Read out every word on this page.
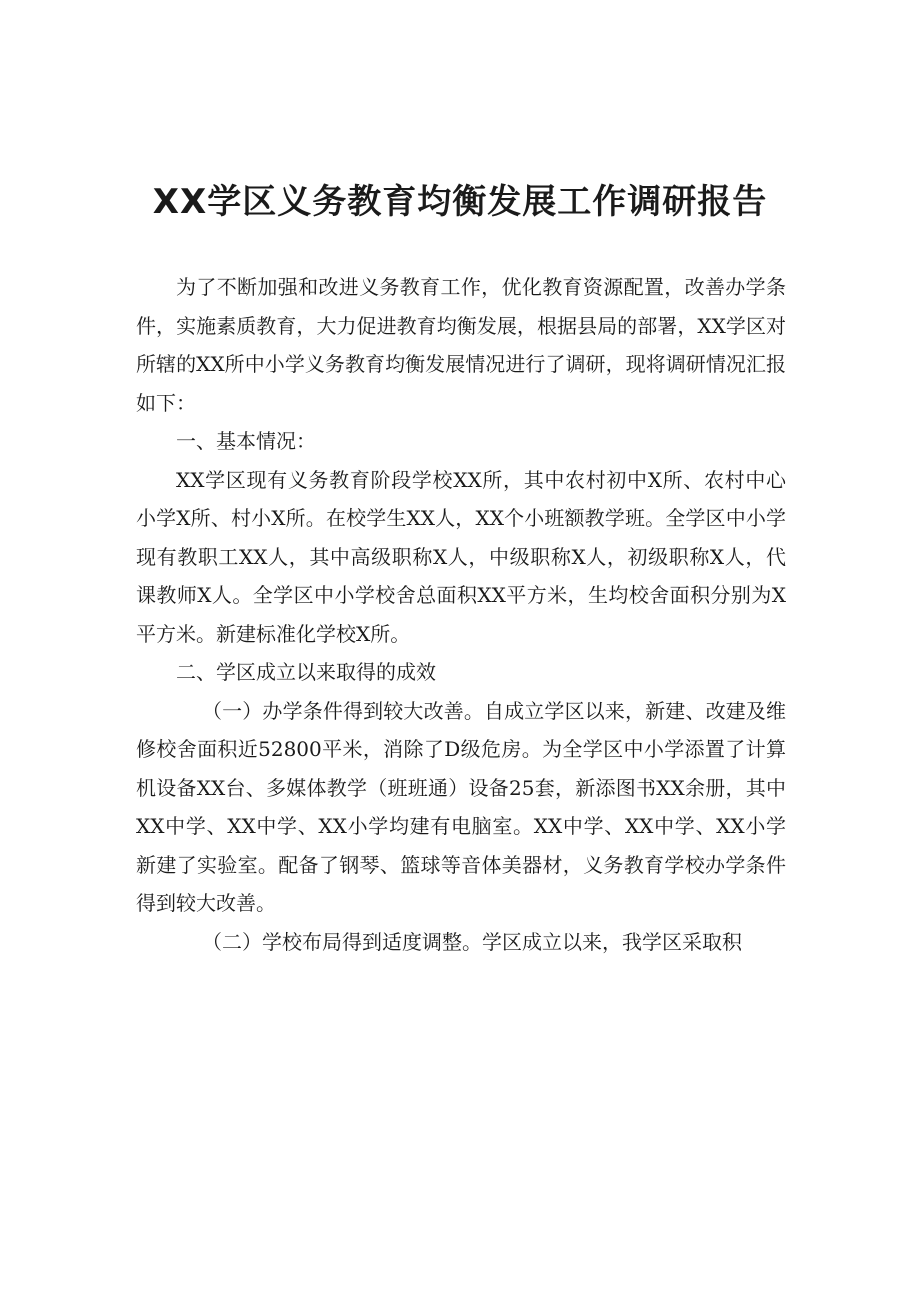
XX学区义务教育均衡发展工作调研报告

为了不断加强和改进义务教育工作，优化教育资源配置，改善办学条件，实施素质教育，大力促进教育均衡发展，根据县局的部署，XX学区对所辖的XX所中小学义务教育均衡发展情况进行了调研，现将调研情况汇报如下：

一、基本情况：

XX学区现有义务教育阶段学校XX所，其中农村初中X所、农村中心小学X所、村小X所。在校学生XX人，XX个小班额教学班。全学区中小学现有教职工XX人，其中高级职称X人，中级职称X人，初级职称X人，代课教师X人。全学区中小学校舍总面积XX平方米，生均校舍面积分别为X平方米。新建标准化学校X所。

二、学区成立以来取得的成效

（一）办学条件得到较大改善。自成立学区以来，新建、改建及维修校舍面积近52800平米，消除了D级危房。为全学区中小学添置了计算机设备XX台、多媒体教学（班班通）设备25套，新添图书XX余册，其中XX中学、XX中学、XX小学均建有电脑室。XX中学、XX中学、XX小学新建了实验室。配备了钢琴、篮球等音体美器材，义务教育学校办学条件得到较大改善。

（二）学校布局得到适度调整。学区成立以来，我学区采取积
